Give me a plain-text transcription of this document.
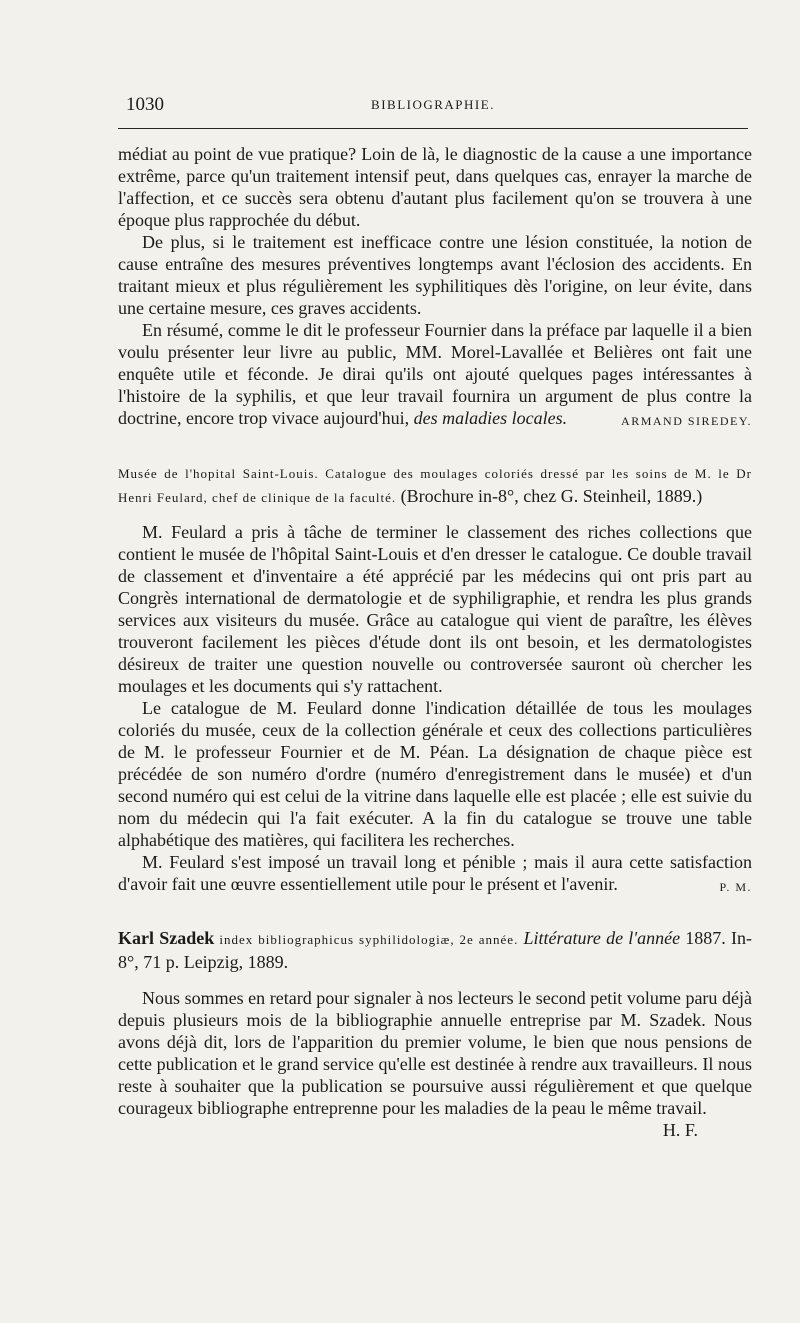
1030	BIBLIOGRAPHIE.

médiat au point de vue pratique? Loin de là, le diagnostic de la cause a une importance extrême, parce qu'un traitement intensif peut, dans quelques cas, enrayer la marche de l'affection, et ce succès sera obtenu d'autant plus facilement qu'on se trouvera à une époque plus rapprochée du début.

De plus, si le traitement est inefficace contre une lésion constituée, la notion de cause entraîne des mesures préventives longtemps avant l'éclosion des accidents. En traitant mieux et plus régulièrement les syphilitiques dès l'origine, on leur évite, dans une certaine mesure, ces graves accidents.

En résumé, comme le dit le professeur Fournier dans la préface par laquelle il a bien voulu présenter leur livre au public, MM. Morel-Lavallée et Belières ont fait une enquête utile et féconde. Je dirai qu'ils ont ajouté quelques pages intéressantes à l'histoire de la syphilis, et que leur travail fournira un argument de plus contre la doctrine, encore trop vivace aujourd'hui, des maladies locales.	ARMAND SIREDEY.

Musée de l'hopital Saint-Louis. Catalogue des moulages coloriés dressé par les soins de M. le Dr Henri Feulard, chef de clinique de la faculté. (Brochure in-8°, chez G. Steinheil, 1889.)

M. Feulard a pris à tâche de terminer le classement des riches collections que contient le musée de l'hôpital Saint-Louis et d'en dresser le catalogue. Ce double travail de classement et d'inventaire a été apprécié par les médecins qui ont pris part au Congrès international de dermatologie et de syphiligraphie, et rendra les plus grands services aux visiteurs du musée. Grâce au catalogue qui vient de paraître, les élèves trouveront facilement les pièces d'étude dont ils ont besoin, et les dermatologistes désireux de traiter une question nouvelle ou controversée sauront où chercher les moulages et les documents qui s'y rattachent.

Le catalogue de M. Feulard donne l'indication détaillée de tous les moulages coloriés du musée, ceux de la collection générale et ceux des collections particulières de M. le professeur Fournier et de M. Péan. La désignation de chaque pièce est précédée de son numéro d'ordre (numéro d'enregistrement dans le musée) et d'un second numéro qui est celui de la vitrine dans laquelle elle est placée ; elle est suivie du nom du médecin qui l'a fait exécuter. A la fin du catalogue se trouve une table alphabétique des matières, qui facilitera les recherches.

M. Feulard s'est imposé un travail long et pénible ; mais il aura cette satisfaction d'avoir fait une œuvre essentiellement utile pour le présent et l'avenir.	P. M.

Karl Szadek index bibliographicus syphilidologiæ, 2e année. Littérature de l'année 1887. In-8°, 71 p. Leipzig, 1889.

Nous sommes en retard pour signaler à nos lecteurs le second petit volume paru déjà depuis plusieurs mois de la bibliographie annuelle entreprise par M. Szadek. Nous avons déjà dit, lors de l'apparition du premier volume, le bien que nous pensions de cette publication et le grand service qu'elle est destinée à rendre aux travailleurs. Il nous reste à souhaiter que la publication se poursuive aussi régulièrement et que quelque courageux bibliographe entreprenne pour les maladies de la peau le même travail.

H. F.
